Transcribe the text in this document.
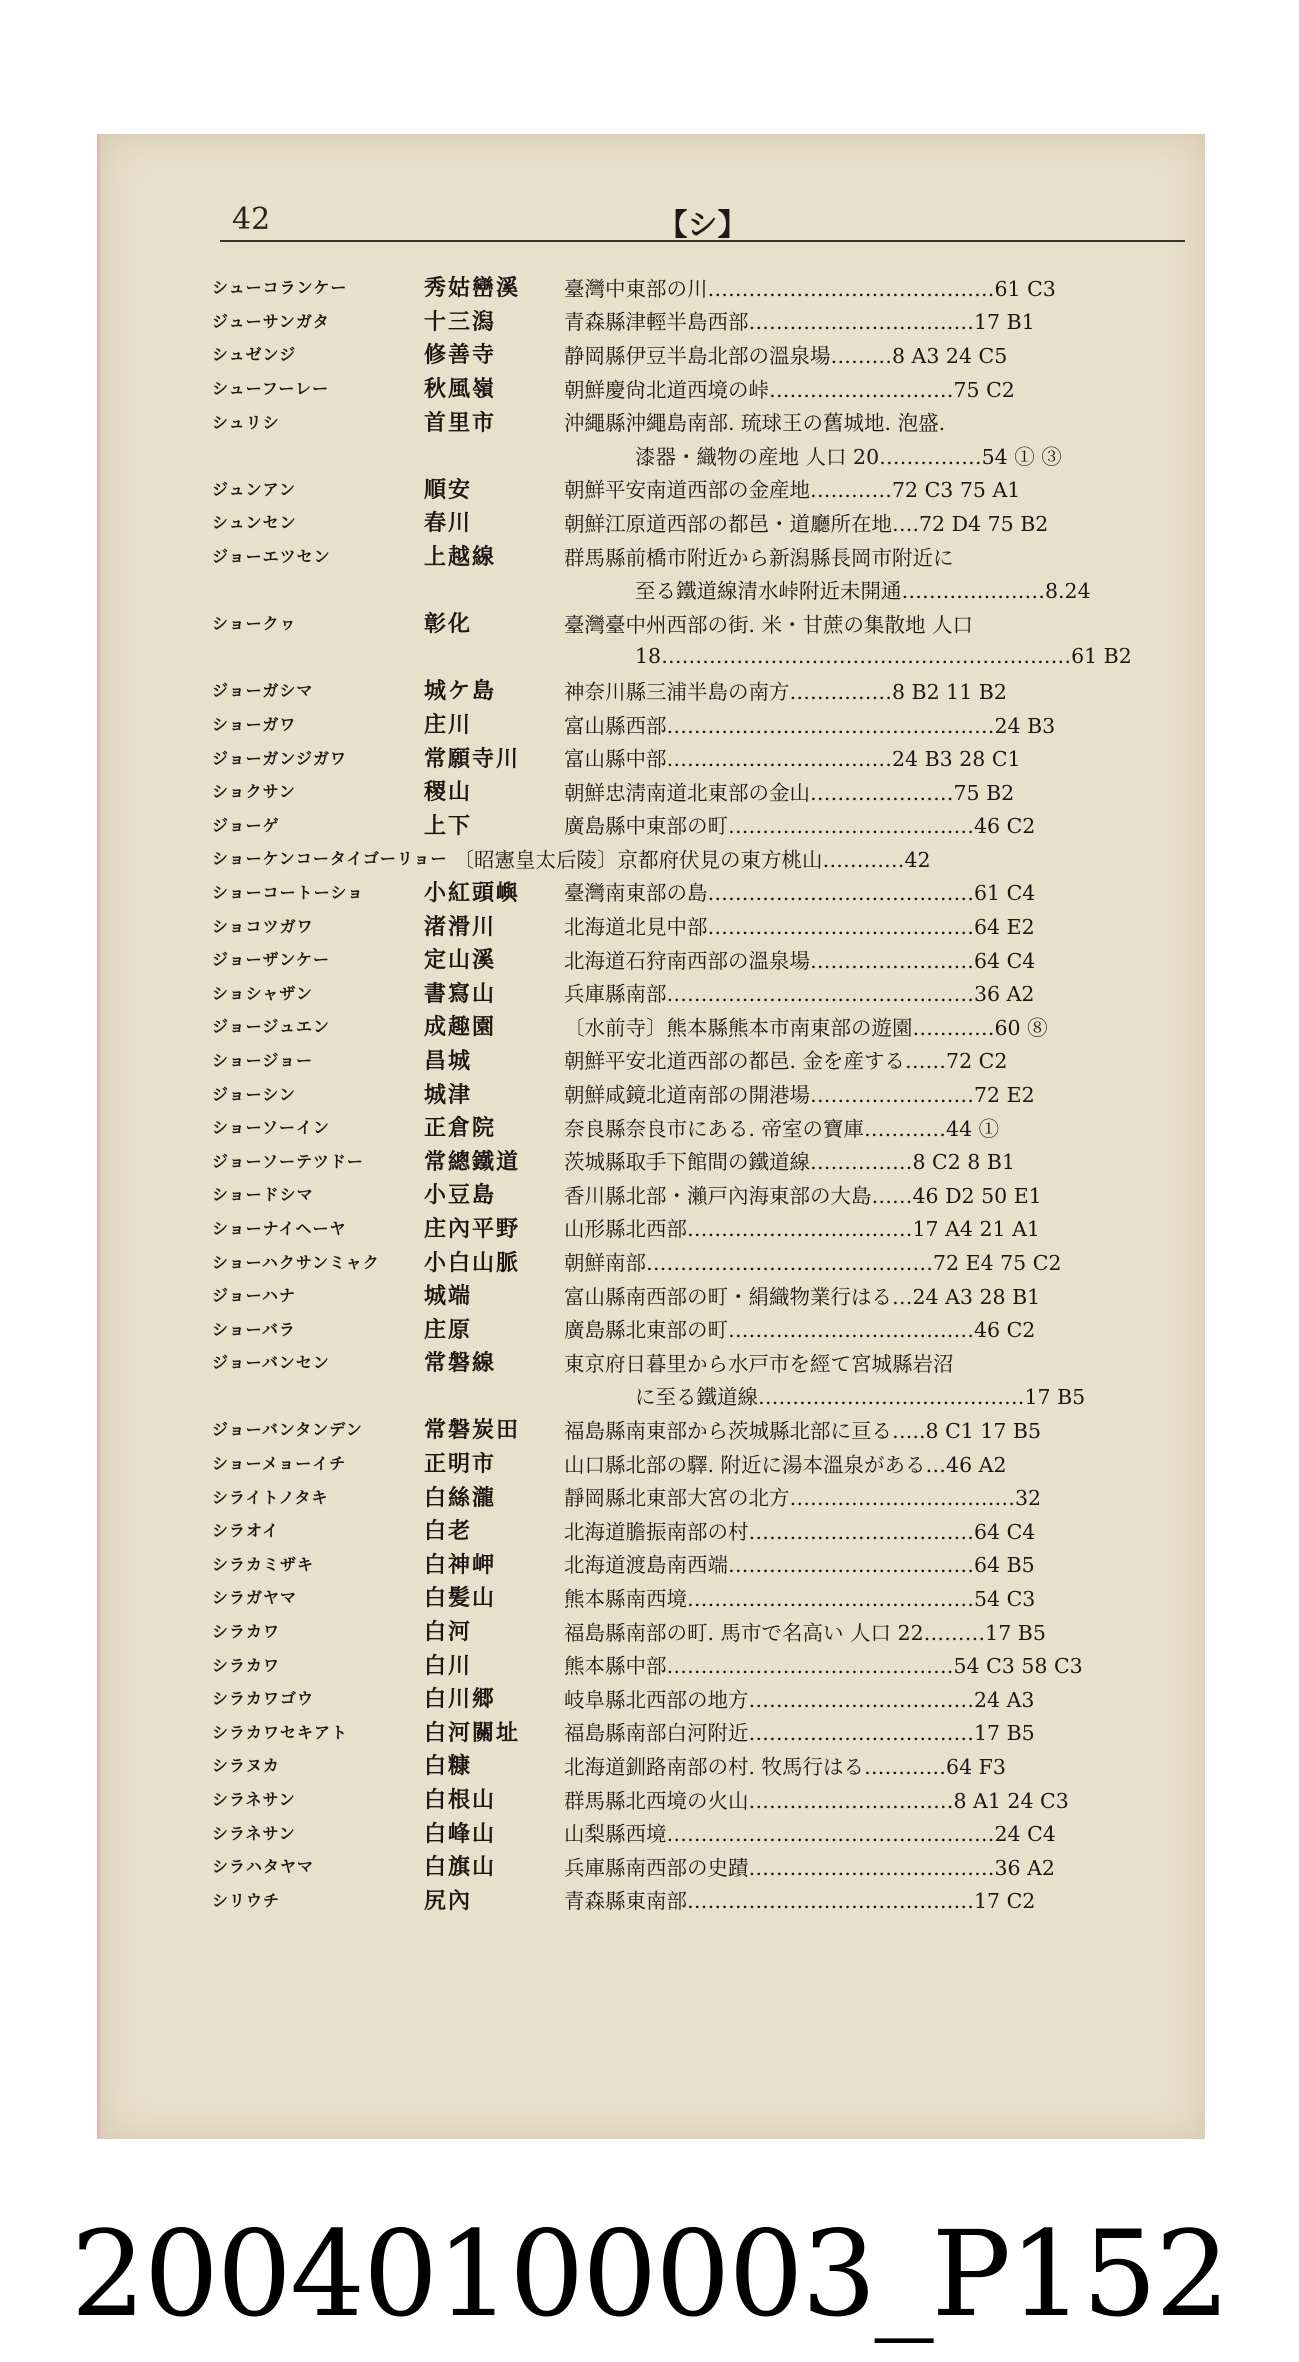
42	【シ】
シューコランケー	秀姑巒溪	臺灣中東部の川……………………………………61 C3
ジューサンガタ	十三潟	青森縣津輕半島西部……………………………17 B1
シュゼンジ	修善寺	静岡縣伊豆半島北部の溫泉場………8 A3 24 C5
シューフーレー	秋風嶺	朝鮮慶尙北道西境の峠………………………75 C2
シュリシ	首里市	沖繩縣沖繩島南部. 琉球王の舊城地. 泡盛.
漆器・織物の産地 人口 20……………54 ① ③
ジュンアン	順安	朝鮮平安南道西部の金産地…………72 C3 75 A1
シュンセン	春川	朝鮮江原道西部の都邑・道廳所在地….72 D4 75 B2
ジョーエツセン	上越線	群馬縣前橋市附近から新潟縣長岡市附近に
至る鐵道線清水峠附近未開通…………………8.24
ショークヮ	彰化	臺灣臺中州西部の街. 米・甘蔗の集散地 人口
18……………………………………………………61 B2
ジョーガシマ	城ケ島	神奈川縣三浦半島の南方……………8 B2 11 B2
ショーガワ	庄川	富山縣西部…………………………………………24 B3
ジョーガンジガワ	常願寺川	富山縣中部……………………………24 B3 28 C1
ショクサン	稷山	朝鮮忠淸南道北東部の金山…………………75 B2
ジョーゲ	上下	廣島縣中東部の町………………………………46 C2
ショーケンコータイゴーリョー 〔昭憲皇太后陵〕京都府伏見の東方桃山…………42
ショーコートーショ	小紅頭嶼	臺灣南東部の島…………………………………61 C4
ショコツガワ	渚滑川	北海道北見中部…………………………………64 E2
ジョーザンケー	定山溪	北海道石狩南西部の溫泉場……………………64 C4
ショシャザン	書寫山	兵庫縣南部………………………………………36 A2
ジョージュエン	成趣園	〔水前寺〕熊本縣熊本市南東部の遊園…………60 ⑧
ショージョー	昌城	朝鮮平安北道西部の都邑. 金を産する……72 C2
ジョーシン	城津	朝鮮咸鏡北道南部の開港場……………………72 E2
ショーソーイン	正倉院	奈良縣奈良市にある. 帝室の寶庫…………44 ①
ジョーソーテツドー	常總鐵道	茨城縣取手下館間の鐵道線……………8 C2 8 B1
ショードシマ	小豆島	香川縣北部・瀨戸內海東部の大島……46 D2 50 E1
ショーナイヘーヤ	庄內平野	山形縣北西部……………………………17 A4 21 A1
ショーハクサンミャク	小白山脈	朝鮮南部……………………………………72 E4 75 C2
ジョーハナ	城端	富山縣南西部の町・絹織物業行はる…24 A3 28 B1
ショーバラ	庄原	廣島縣北東部の町………………………………46 C2
ジョーバンセン	常磐線	東京府日暮里から水戸市を經て宮城縣岩沼
に至る鐵道線…………………………………17 B5
ジョーバンタンデン	常磐炭田	福島縣南東部から茨城縣北部に亘る…..8 C1 17 B5
ショーメョーイチ	正明市	山口縣北部の驛. 附近に湯本溫泉がある…46 A2
シライトノタキ	白絲瀧	靜岡縣北東部大宮の北方……………………………32
シラオイ	白老	北海道膽振南部の村……………………………64 C4
シラカミザキ	白神岬	北海道渡島南西端………………………………64 B5
シラガヤマ	白髪山	熊本縣南西境……………………………………54 C3
シラカワ	白河	福島縣南部の町. 馬市で名高い 人口 22………17 B5
シラカワ	白川	熊本縣中部……………………………………54 C3 58 C3
シラカワゴウ	白川郷	岐阜縣北西部の地方……………………………24 A3
シラカワセキアト	白河關址	福島縣南部白河附近……………………………17 B5
シラヌカ	白糠	北海道釧路南部の村. 牧馬行はる…………64 F3
シラネサン	白根山	群馬縣北西境の火山…………………………8 A1 24 C3
シラネサン	白峰山	山梨縣西境…………………………………………24 C4
シラハタヤマ	白旗山	兵庫縣南西部の史蹟………………………………36 A2
シリウチ	尻內	青森縣東南部……………………………………17 C2
20040100003_P152
